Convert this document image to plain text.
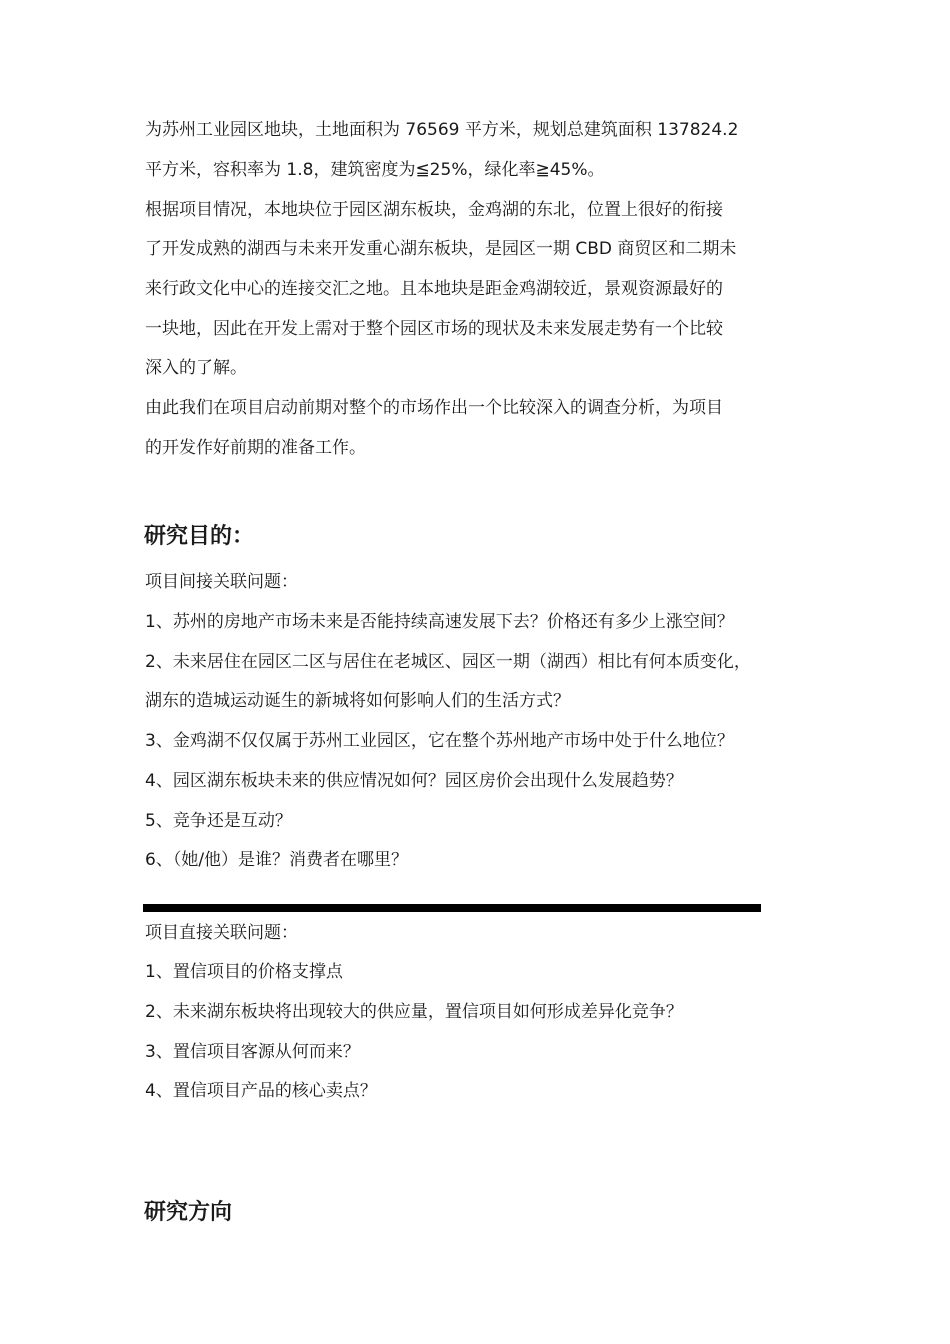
为苏州工业园区地块，土地面积为 76569 平方米，规划总建筑面积 137824.2
平方米，容积率为 1.8，建筑密度为≦25%，绿化率≧45%。
根据项目情况，本地块位于园区湖东板块，金鸡湖的东北，位置上很好的衔接
了开发成熟的湖西与未来开发重心湖东板块，是园区一期 CBD 商贸区和二期未
来行政文化中心的连接交汇之地。且本地块是距金鸡湖较近，景观资源最好的
一块地，因此在开发上需对于整个园区市场的现状及未来发展走势有一个比较
深入的了解。
由此我们在项目启动前期对整个的市场作出一个比较深入的调查分析，为项目
的开发作好前期的准备工作。
研究目的：
项目间接关联问题：
1、苏州的房地产市场未来是否能持续高速发展下去？价格还有多少上涨空间？
2、未来居住在园区二区与居住在老城区、园区一期（湖西）相比有何本质变化，
湖东的造城运动诞生的新城将如何影响人们的生活方式？
3、金鸡湖不仅仅属于苏州工业园区，它在整个苏州地产市场中处于什么地位？
4、园区湖东板块未来的供应情况如何？园区房价会出现什么发展趋势？
5、竞争还是互动？
6、（她/他）是谁？消费者在哪里？
项目直接关联问题：
1、置信项目的价格支撑点
2、未来湖东板块将出现较大的供应量，置信项目如何形成差异化竞争？
3、置信项目客源从何而来？
4、置信项目产品的核心卖点？
研究方向
